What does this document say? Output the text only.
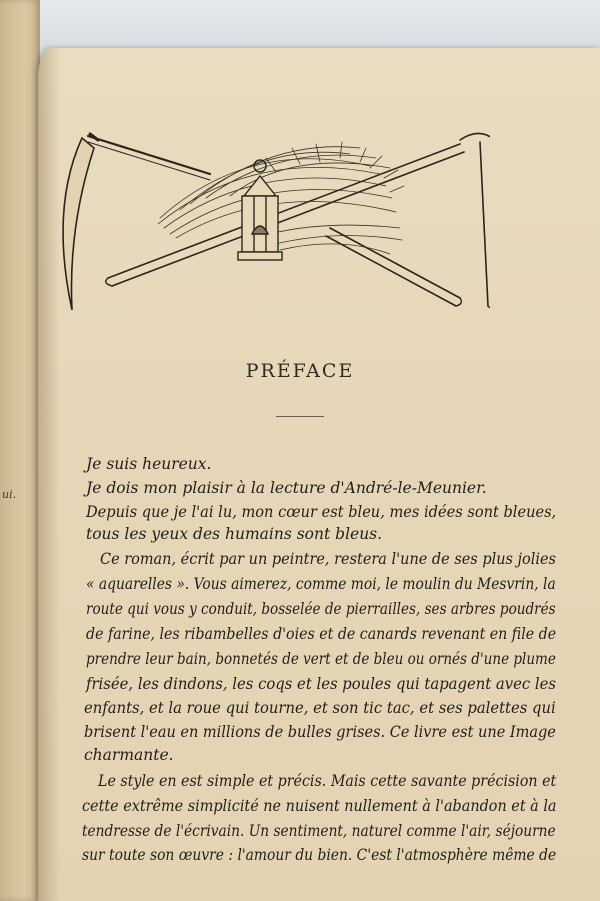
ui.
PRÉFACE
Je suis heureux.
Je dois mon plaisir à la lecture d'André-le-Meunier.
Depuis que je l'ai lu, mon cœur est bleu, mes idées sont bleues,
tous les yeux des humains sont bleus.
Ce roman, écrit par un peintre, restera l'une de ses plus jolies
« aquarelles ». Vous aimerez, comme moi, le moulin du Mesvrin, la
route qui vous y conduit, bosselée de pierrailles, ses arbres poudrés
de farine, les ribambelles d'oies et de canards revenant en file de
prendre leur bain, bonnetés de vert et de bleu ou ornés d'une plume
frisée, les dindons, les coqs et les poules qui tapagent avec les
enfants, et la roue qui tourne, et son tic tac, et ses palettes qui
brisent l'eau en millions de bulles grises. Ce livre est une Image
charmante.
Le style en est simple et précis. Mais cette savante précision et
cette extrême simplicité ne nuisent nullement à l'abandon et à la
tendresse de l'écrivain. Un sentiment, naturel comme l'air, séjourne
sur toute son œuvre : l'amour du bien. C'est l'atmosphère même de
